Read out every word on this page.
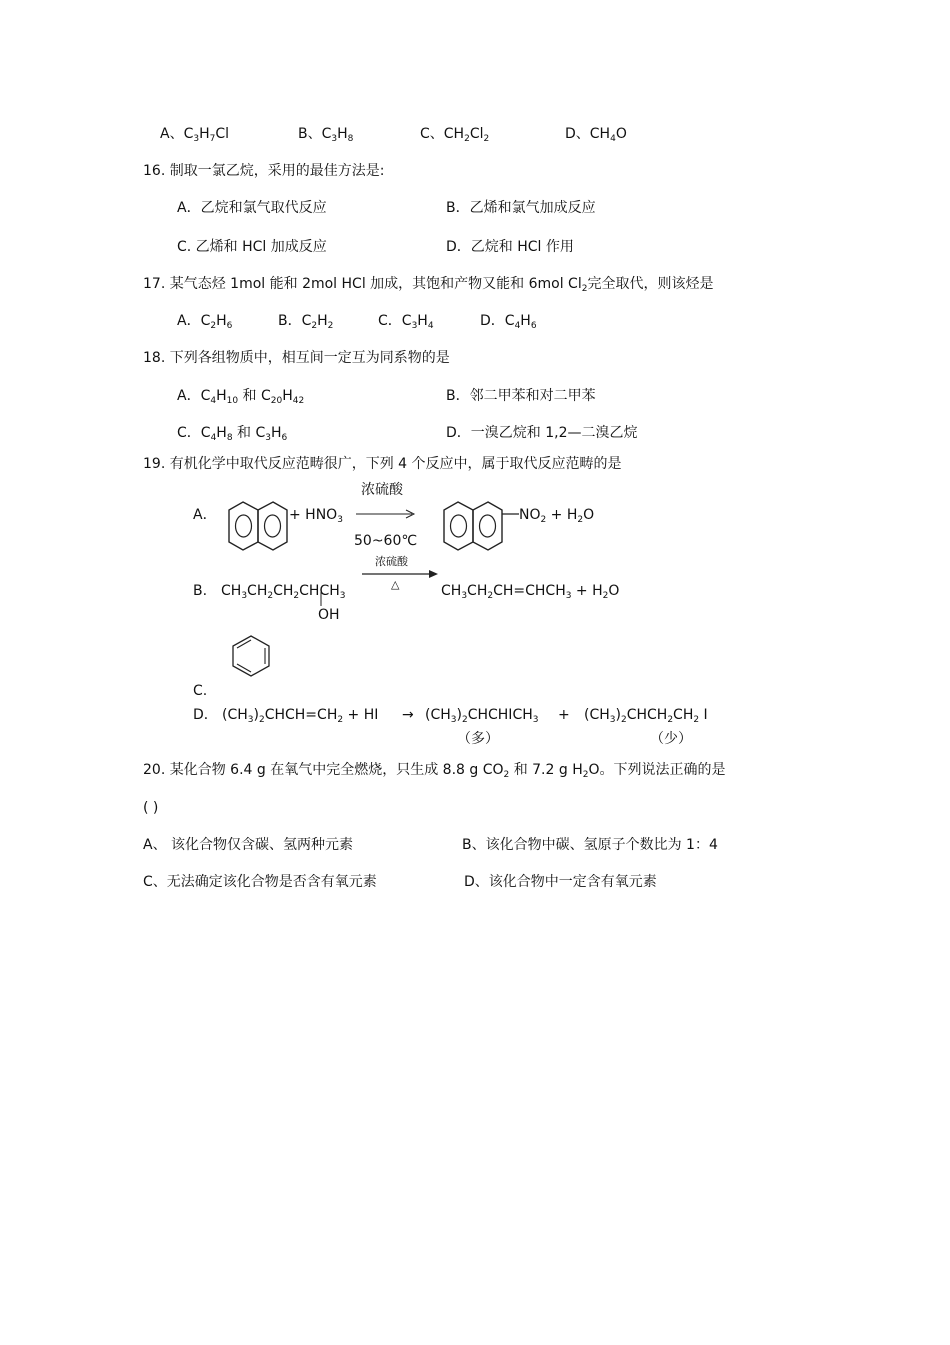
A、$C_3H_7Cl$	B、$C_3H_8$	C、$CH_2Cl_2$	D、$CH_4O$
16. 制取一氯乙烷，采用的最佳方法是:
A．乙烷和氯气取代反应	B．乙烯和氯气加成反应
C. 乙烯和 HCl 加成反应	D．乙烷和 HCl 作用
17. 某气态烃 1mol 能和 2mol HCl 加成，其饱和产物又能和 6mol $Cl_2$完全取代，则该烃是
A．$C_2H_6$	B．$C_2H_2$	C．$C_3H_4$	D．$C_4H_6$
18. 下列各组物质中，相互间一定互为同系物的是
A．$C_4H_{10}$ 和 $C_{20}H_{42}$	B．邻二甲苯和对二甲苯
C．$C_4H_8$ 和 $C_3H_6$	D．一溴乙烷和 1,2—二溴乙烷
19. 有机化学中取代反应范畴很广，下列 4 个反应中，属于取代反应范畴的是
A．	+ $HNO_3$
浓硫酸
50~60℃
$NO_2 + H_2O$
B. $CH_3CH_2CH_2CHCH_3$
OH
浓硫酸
△	$CH_3CH_2CH=CHCH_3 + H_2O$
C.
D． $(CH_3)_2CHCH=CH_2$ + HI → $(CH_3)_2CHCHICH_3$ + $(CH_3)_2CHCH_2CH_2$ I
（多）	（少）
20. 某化合物 6.4 g 在氧气中完全燃烧，只生成 8.8 g $CO_2$ 和 7.2 g $H_2O$。下列说法正确的是
( )
A、 该化合物仅含碳、氢两种元素	B、该化合物中碳、氢原子个数比为 1：4
C、无法确定该化合物是否含有氧元素	D、该化合物中一定含有氧元素
